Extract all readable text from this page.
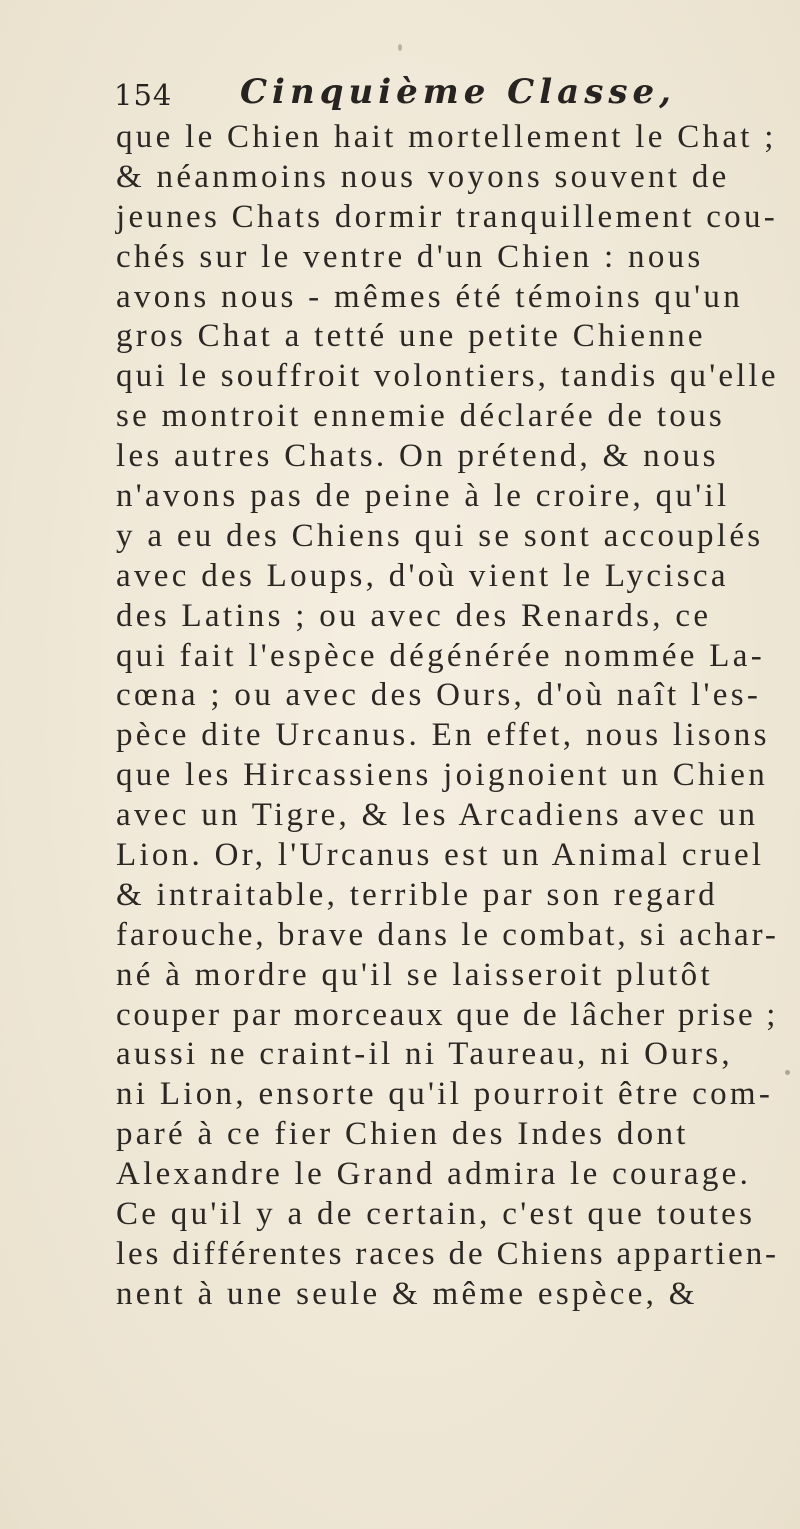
154 Cinquième Classe,
que le Chien hait mortellement le Chat ;
& néanmoins nous voyons souvent de
jeunes Chats dormir tranquillement cou-
chés sur le ventre d'un Chien : nous
avons nous - mêmes été témoins qu'un
gros Chat a tetté une petite Chienne
qui le souffroit volontiers, tandis qu'elle
se montroit ennemie déclarée de tous
les autres Chats. On prétend, & nous
n'avons pas de peine à le croire, qu'il
y a eu des Chiens qui se sont accouplés
avec des Loups, d'où vient le Lycisca
des Latins ; ou avec des Renards, ce
qui fait l'espèce dégénérée nommée La-
cœna ; ou avec des Ours, d'où naît l'es-
pèce dite Urcanus. En effet, nous lisons
que les Hircassiens joignoient un Chien
avec un Tigre, & les Arcadiens avec un
Lion. Or, l'Urcanus est un Animal cruel
& intraitable, terrible par son regard
farouche, brave dans le combat, si achar-
né à mordre qu'il se laisseroit plutôt
couper par morceaux que de lâcher prise ;
aussi ne craint-il ni Taureau, ni Ours,
ni Lion, ensorte qu'il pourroit être com-
paré à ce fier Chien des Indes dont
Alexandre le Grand admira le courage.
Ce qu'il y a de certain, c'est que toutes
les différentes races de Chiens appartien-
nent à une seule & même espèce, &
